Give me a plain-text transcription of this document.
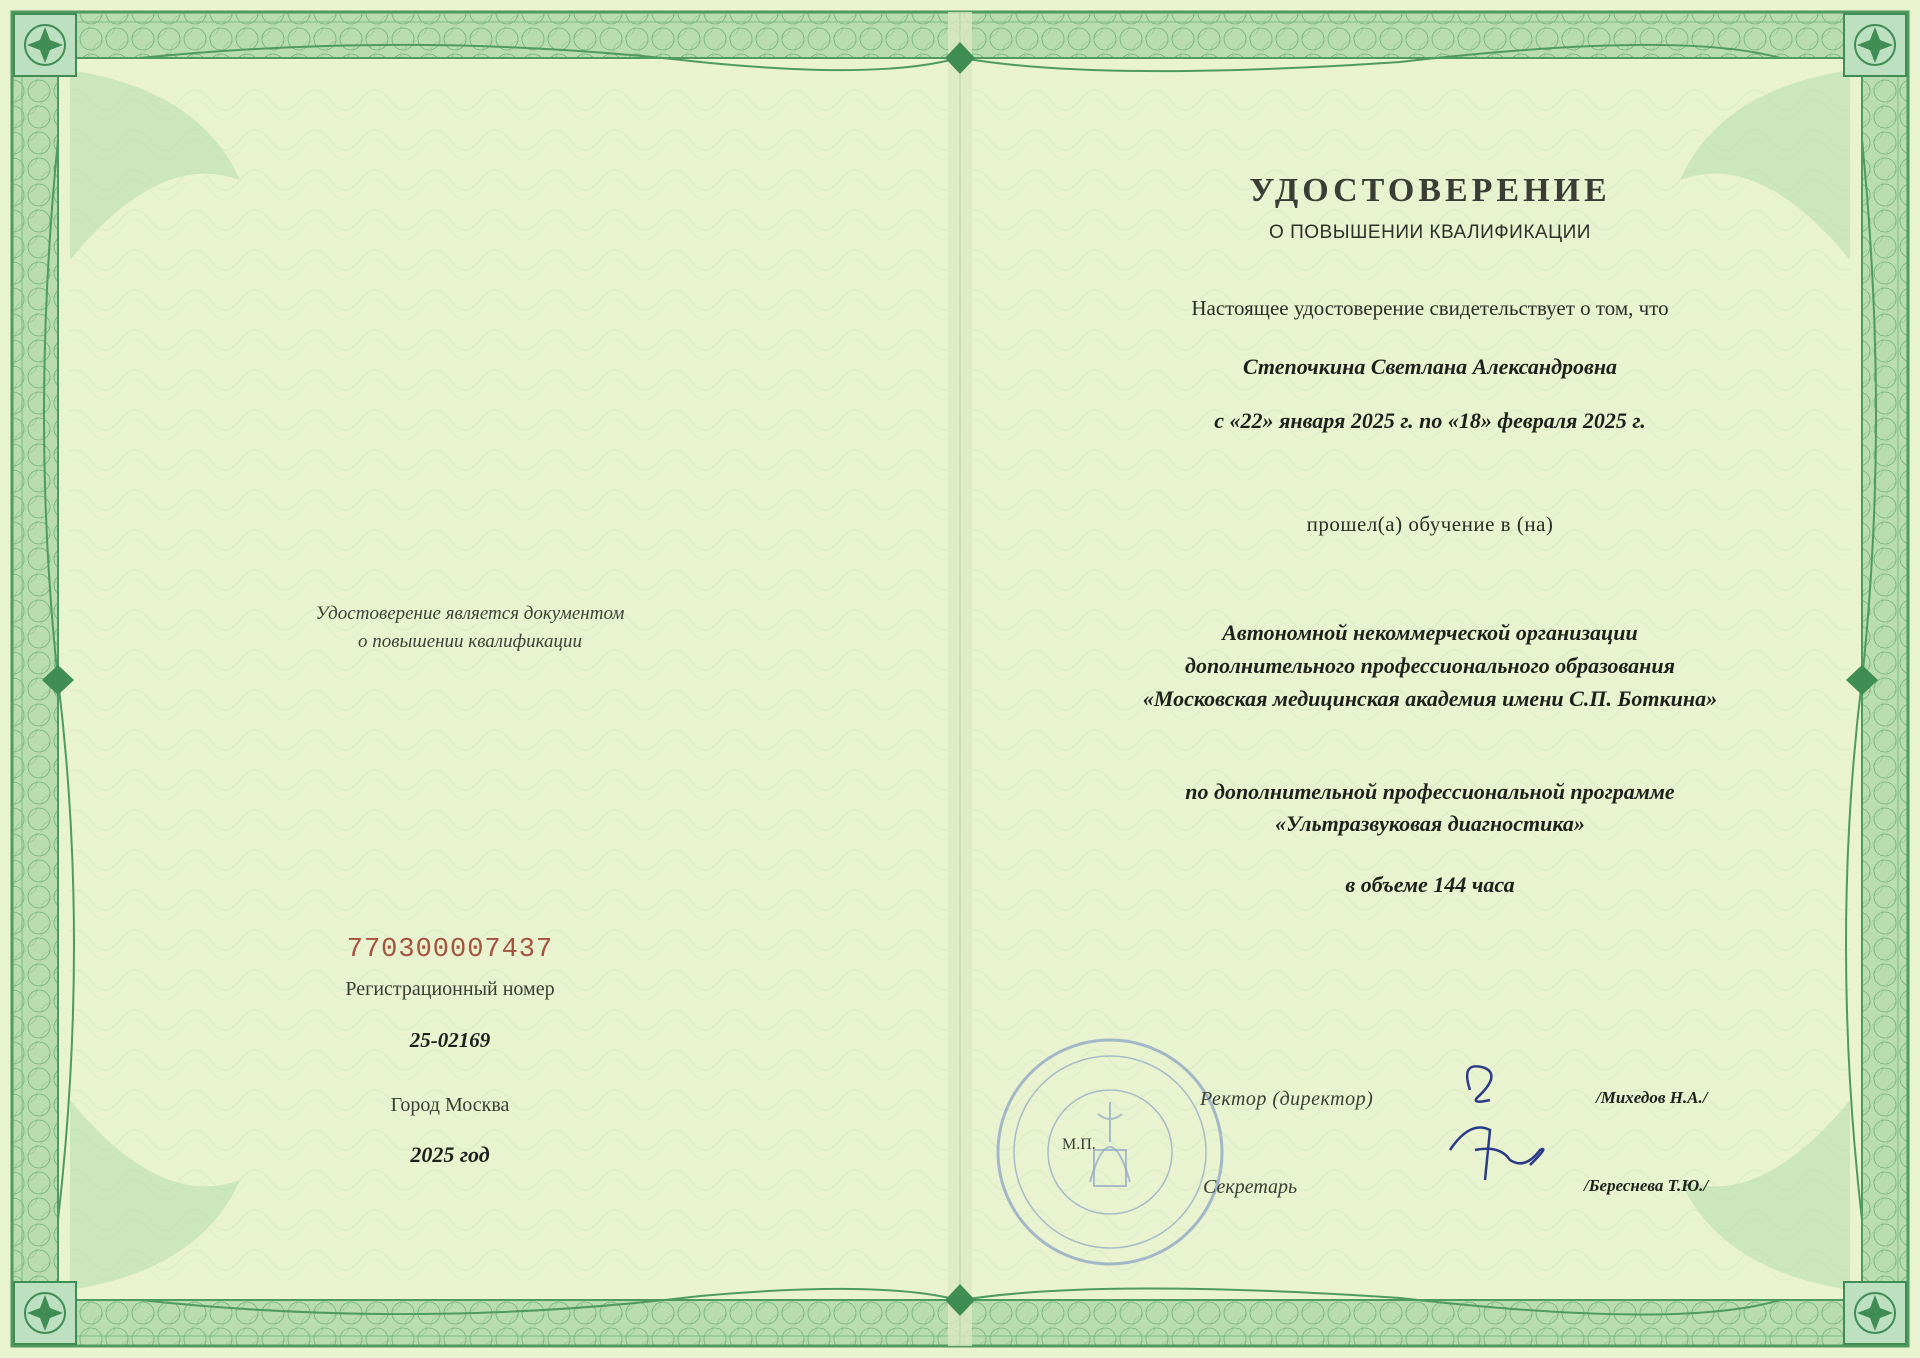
Удостоверение является документом
о повышении квалификации
770300007437
Регистрационный номер
25-02169
Город Москва
2025 год
УДОСТОВЕРЕНИЕ
О ПОВЫШЕНИИ КВАЛИФИКАЦИИ
Настоящее удостоверение свидетельствует о том, что
Степочкина Светлана Александровна
с «22» января 2025 г. по «18» февраля 2025 г.
прошел(а) обучение в (на)
Автономной некоммерческой организации
дополнительного профессионального образования
«Московская медицинская академия имени С.П. Боткина»
по дополнительной профессиональной программе
«Ультразвуковая диагностика»
в объеме 144 часа
М.П.
Ректор (директор)
Секретарь
/Михедов Н.А./
/Береснева Т.Ю./
